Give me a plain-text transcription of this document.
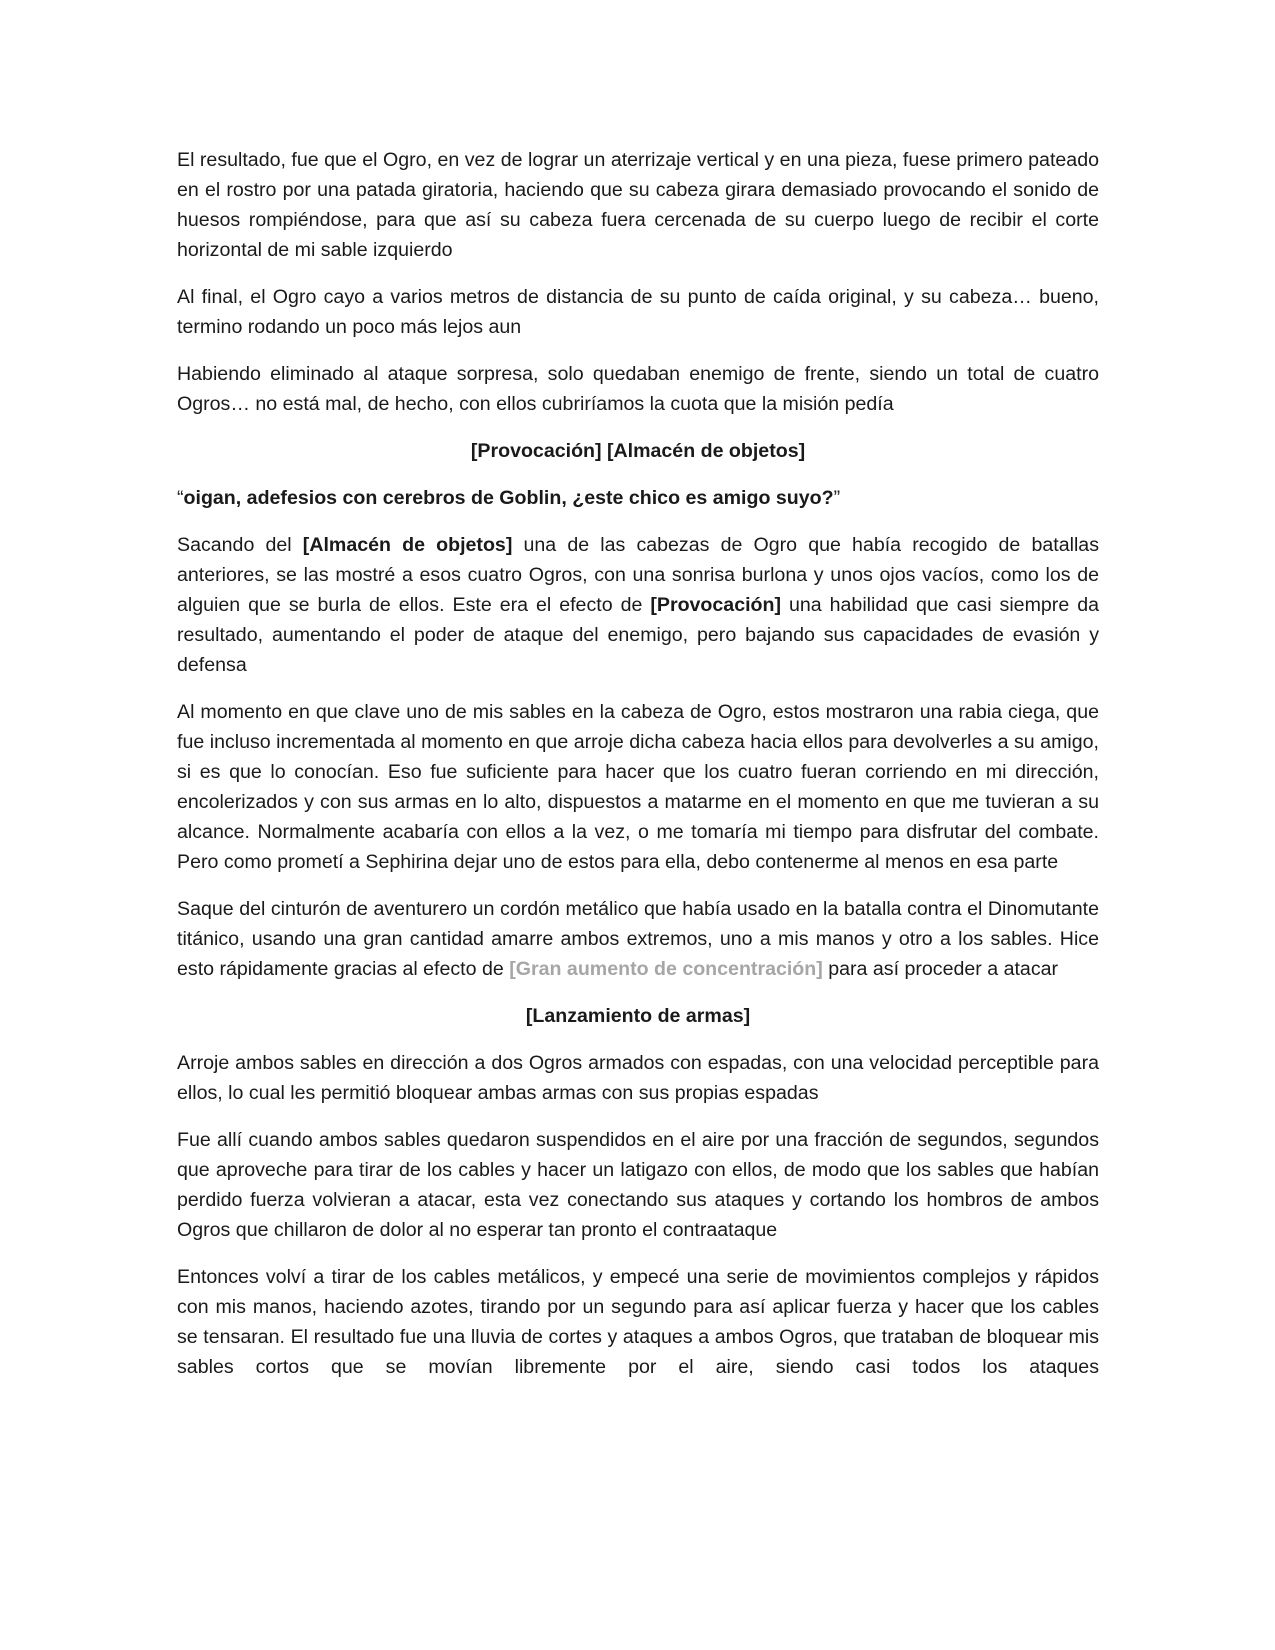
El resultado, fue que el Ogro, en vez de lograr un aterrizaje vertical y en una pieza, fuese primero pateado en el rostro por una patada giratoria, haciendo que su cabeza girara demasiado provocando el sonido de huesos rompiéndose, para que así su cabeza fuera cercenada de su cuerpo luego de recibir el corte horizontal de mi sable izquierdo

Al final, el Ogro cayo a varios metros de distancia de su punto de caída original, y su cabeza… bueno, termino rodando un poco más lejos aun

Habiendo eliminado al ataque sorpresa, solo quedaban enemigo de frente, siendo un total de cuatro Ogros… no está mal, de hecho, con ellos cubriríamos la cuota que la misión pedía

[Provocación] [Almacén de objetos]

“oigan, adefesios con cerebros de Goblin, ¿este chico es amigo suyo?”

Sacando del [Almacén de objetos] una de las cabezas de Ogro que había recogido de batallas anteriores, se las mostré a esos cuatro Ogros, con una sonrisa burlona y unos ojos vacíos, como los de alguien que se burla de ellos. Este era el efecto de [Provocación] una habilidad que casi siempre da resultado, aumentando el poder de ataque del enemigo, pero bajando sus capacidades de evasión y defensa

Al momento en que clave uno de mis sables en la cabeza de Ogro, estos mostraron una rabia ciega, que fue incluso incrementada al momento en que arroje dicha cabeza hacia ellos para devolverles a su amigo, si es que lo conocían. Eso fue suficiente para hacer que los cuatro fueran corriendo en mi dirección, encolerizados y con sus armas en lo alto, dispuestos a matarme en el momento en que me tuvieran a su alcance. Normalmente acabaría con ellos a la vez, o me tomaría mi tiempo para disfrutar del combate. Pero como prometí a Sephirina dejar uno de estos para ella, debo contenerme al menos en esa parte

Saque del cinturón de aventurero un cordón metálico que había usado en la batalla contra el Dinomutante titánico, usando una gran cantidad amarre ambos extremos, uno a mis manos y otro a los sables. Hice esto rápidamente gracias al efecto de [Gran aumento de concentración] para así proceder a atacar

[Lanzamiento de armas]

Arroje ambos sables en dirección a dos Ogros armados con espadas, con una velocidad perceptible para ellos, lo cual les permitió bloquear ambas armas con sus propias espadas

Fue allí cuando ambos sables quedaron suspendidos en el aire por una fracción de segundos, segundos que aproveche para tirar de los cables y hacer un latigazo con ellos, de modo que los sables que habían perdido fuerza volvieran a atacar, esta vez conectando sus ataques y cortando los hombros de ambos Ogros que chillaron de dolor al no esperar tan pronto el contraataque

Entonces volví a tirar de los cables metálicos, y empecé una serie de movimientos complejos y rápidos con mis manos, haciendo azotes, tirando por un segundo para así aplicar fuerza y hacer que los cables se tensaran. El resultado fue una lluvia de cortes y ataques a ambos Ogros, que trataban de bloquear mis sables cortos que se movían libremente por el aire, siendo casi todos los ataques
